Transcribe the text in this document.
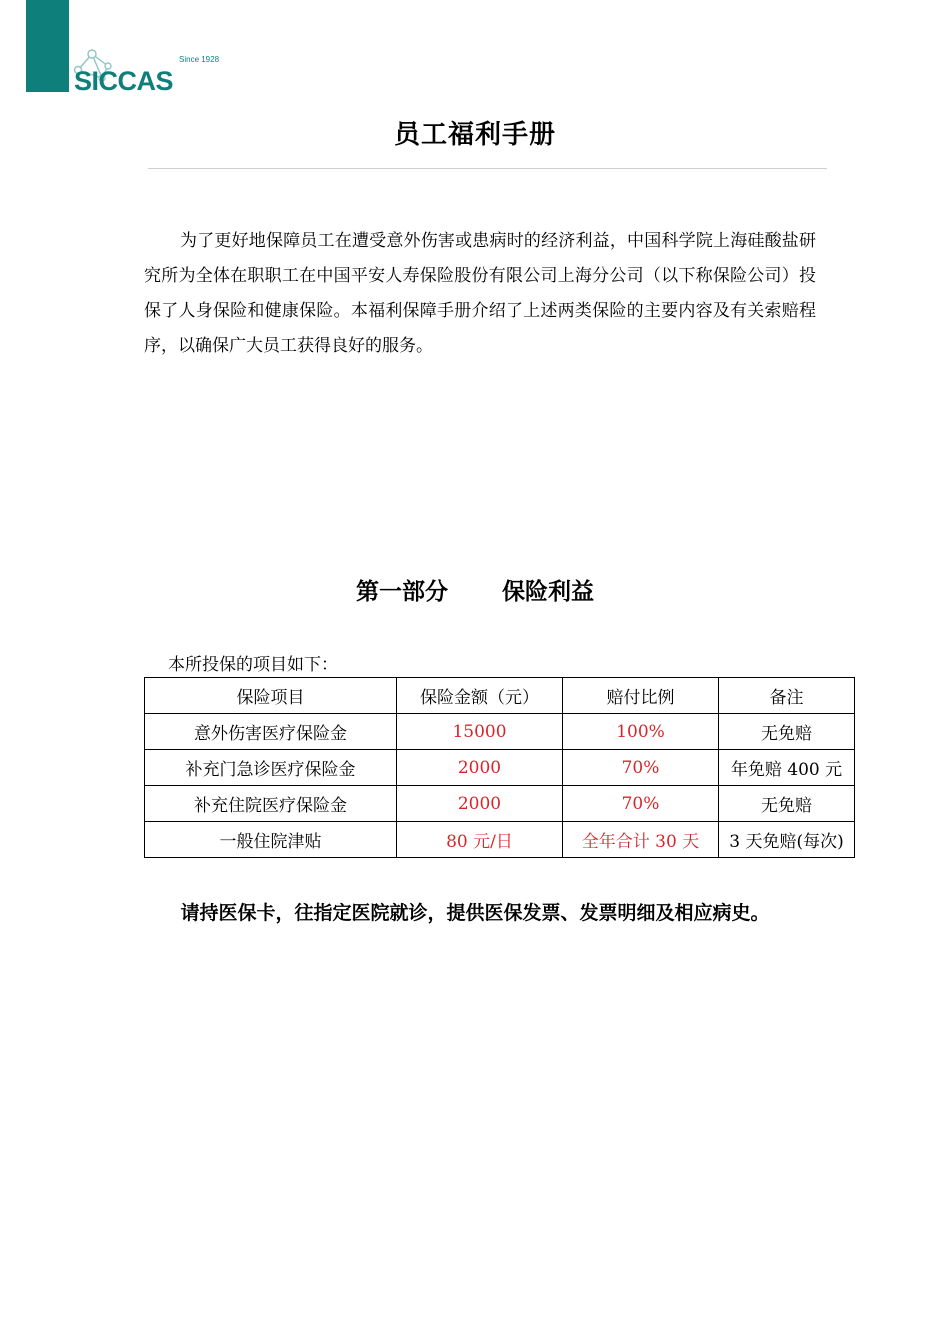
Since 1928
SICCAS
员工福利手册

为了更好地保障员工在遭受意外伤害或患病时的经济利益，中国科学院上海硅酸盐研究所为全体在职职工在中国平安人寿保险股份有限公司上海分公司（以下称保险公司）投保了人身保险和健康保险。本福利保障手册介绍了上述两类保险的主要内容及有关索赔程序，以确保广大员工获得良好的服务。

第一部分　　 保险利益
本所投保的项目如下：
保险项目	保险金额（元）	赔付比例	备注
意外伤害医疗保险金	15000	100%	无免赔
补充门急诊医疗保险金	2000	70%	年免赔 400 元
补充住院医疗保险金	2000	70%	无免赔
一般住院津贴	80 元/日	全年合计 30 天	3 天免赔(每次)

请持医保卡，往指定医院就诊，提供医保发票、发票明细及相应病史。
